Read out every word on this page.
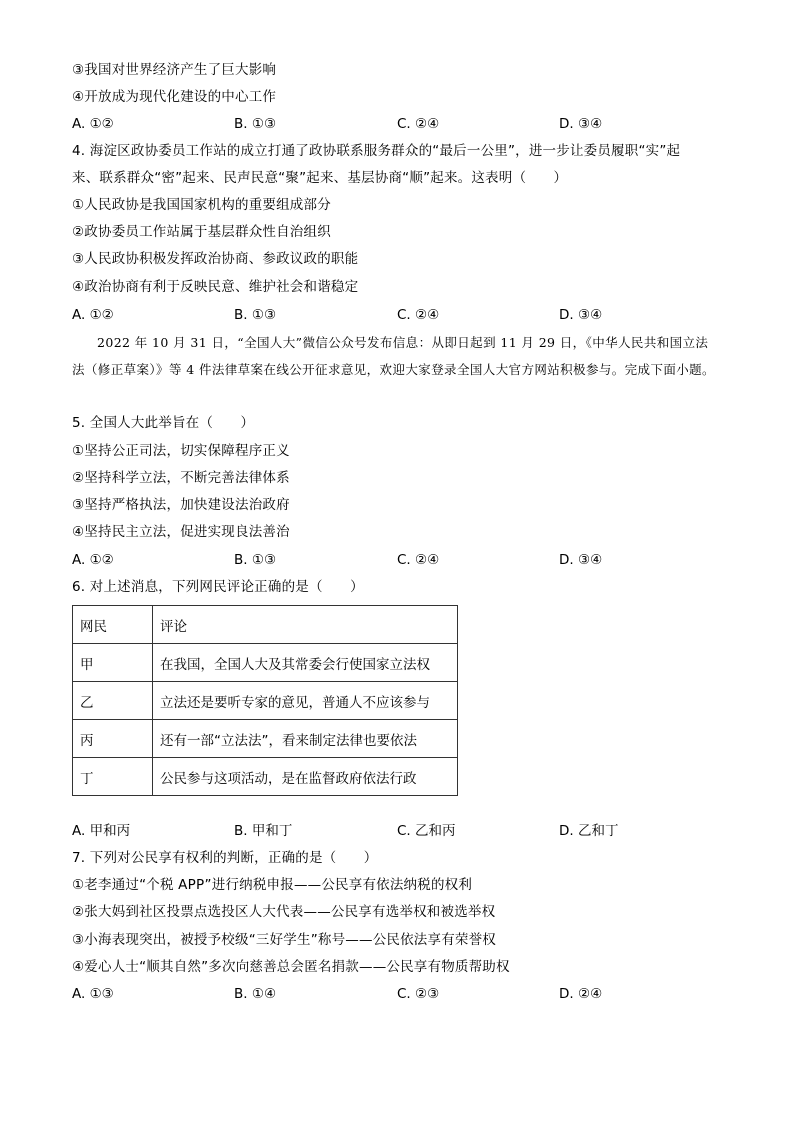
③我国对世界经济产生了巨大影响
④开放成为现代化建设的中心工作
A. ①②	B. ①③	C. ②④	D. ③④
4. 海淀区政协委员工作站的成立打通了政协联系服务群众的“最后一公里”，进一步让委员履职“实”起
来、联系群众“密”起来、民声民意“聚”起来、基层协商“顺”起来。这表明（　　）
①人民政协是我国国家机构的重要组成部分
②政协委员工作站属于基层群众性自治组织
③人民政协积极发挥政治协商、参政议政的职能
④政治协商有利于反映民意、维护社会和谐稳定
A. ①②	B. ①③	C. ②④	D. ③④
2022 年 10 月 31 日，“全国人大”微信公众号发布信息：从即日起到 11 月 29 日，《中华人民共和国立法法（修正草案）》等 4 件法律草案在线公开征求意见，欢迎大家登录全国人大官方网站积极参与。完成下面小题。
5. 全国人大此举旨在（　　）
①坚持公正司法，切实保障程序正义
②坚持科学立法，不断完善法律体系
③坚持严格执法，加快建设法治政府
④坚持民主立法，促进实现良法善治
A. ①②	B. ①③	C. ②④	D. ③④
6. 对上述消息，下列网民评论正确的是（　　）
网民	评论
甲	在我国，全国人大及其常委会行使国家立法权
乙	立法还是要听专家的意见，普通人不应该参与
丙	还有一部“立法法”，看来制定法律也要依法
丁	公民参与这项活动，是在监督政府依法行政
A. 甲和丙	B. 甲和丁	C. 乙和丙	D. 乙和丁
7. 下列对公民享有权利的判断，正确的是（　　）
①老李通过“个税 APP”进行纳税申报——公民享有依法纳税的权利
②张大妈到社区投票点选投区人大代表——公民享有选举权和被选举权
③小海表现突出，被授予校级“三好学生”称号——公民依法享有荣誉权
④爱心人士“顺其自然”多次向慈善总会匿名捐款——公民享有物质帮助权
A. ①③	B. ①④	C. ②③	D. ②④
